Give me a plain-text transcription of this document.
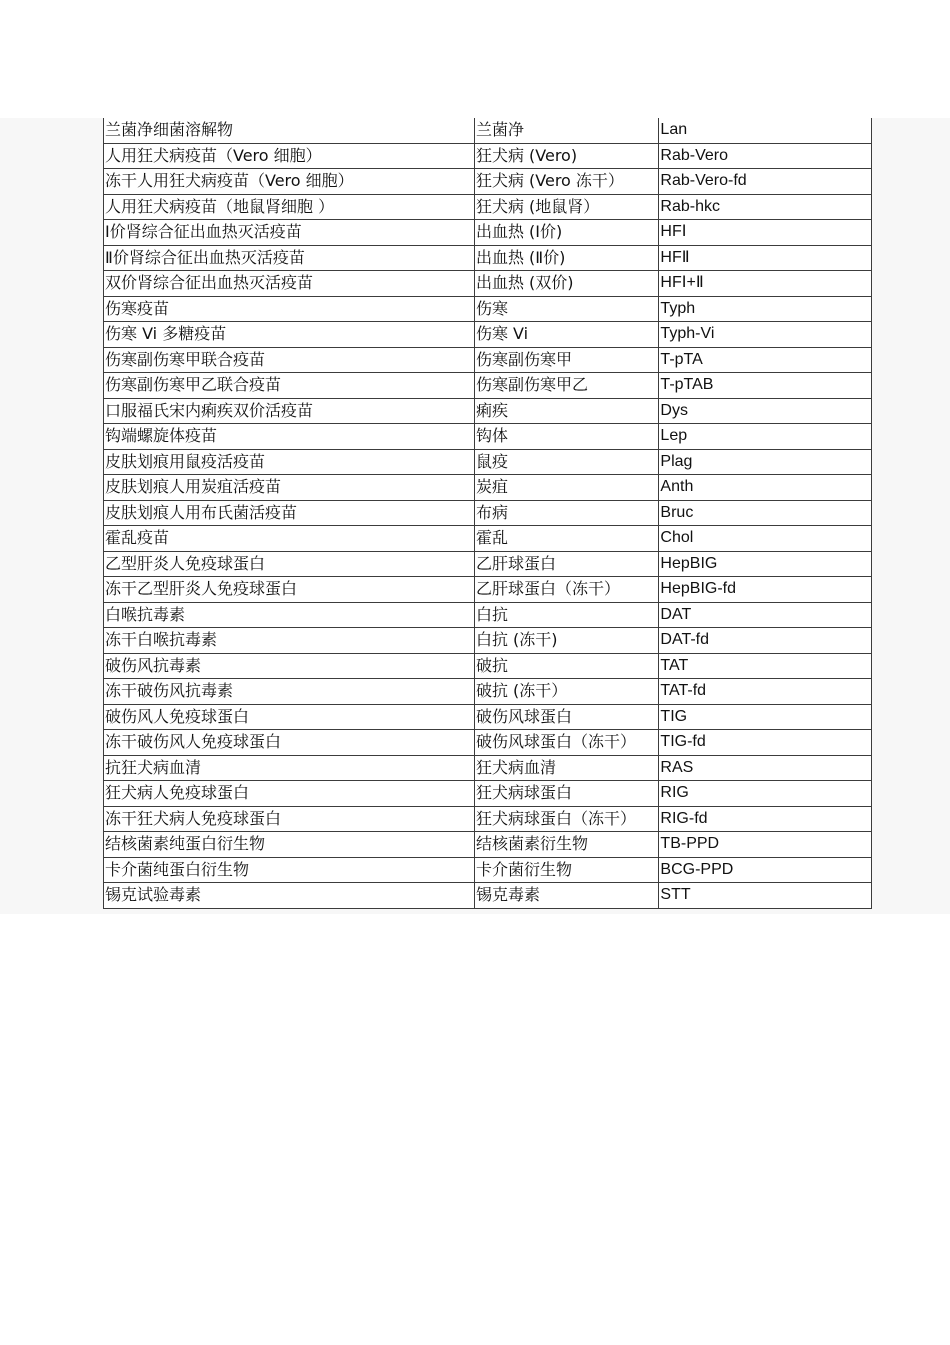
兰菌净细菌溶解物	兰菌净	Lan
人用狂犬病疫苗（Vero 细胞）	狂犬病 (Vero)	Rab-Vero
冻干人用狂犬病疫苗（Vero 细胞）	狂犬病 (Vero 冻干）	Rab-Vero-fd
人用狂犬病疫苗（地鼠肾细胞 ）	狂犬病 (地鼠肾）	Rab-hkc
Ⅰ价肾综合征出血热灭活疫苗	出血热 (Ⅰ价)	HFⅠ
Ⅱ价肾综合征出血热灭活疫苗	出血热 (Ⅱ价)	HFⅡ
双价肾综合征出血热灭活疫苗	出血热 (双价)	HFⅠ+Ⅱ
伤寒疫苗	伤寒	Typh
伤寒 Vi 多糖疫苗	伤寒 Vi	Typh-Vi
伤寒副伤寒甲联合疫苗	伤寒副伤寒甲	T-pTA
伤寒副伤寒甲乙联合疫苗	伤寒副伤寒甲乙	T-pTAB
口服福氏宋内痢疾双价活疫苗	痢疾	Dys
钩端螺旋体疫苗	钩体	Lep
皮肤划痕用鼠疫活疫苗	鼠疫	Plag
皮肤划痕人用炭疽活疫苗	炭疽	Anth
皮肤划痕人用布氏菌活疫苗	布病	Bruc
霍乱疫苗	霍乱	Chol
乙型肝炎人免疫球蛋白	乙肝球蛋白	HepBIG
冻干乙型肝炎人免疫球蛋白	乙肝球蛋白（冻干）	HepBIG-fd
白喉抗毒素	白抗	DAT
冻干白喉抗毒素	白抗 (冻干)	DAT-fd
破伤风抗毒素	破抗	TAT
冻干破伤风抗毒素	破抗 (冻干）	TAT-fd
破伤风人免疫球蛋白	破伤风球蛋白	TIG
冻干破伤风人免疫球蛋白	破伤风球蛋白（冻干）	TIG-fd
抗狂犬病血清	狂犬病血清	RAS
狂犬病人免疫球蛋白	狂犬病球蛋白	RIG
冻干狂犬病人免疫球蛋白	狂犬病球蛋白（冻干）	RIG-fd
结核菌素纯蛋白衍生物	结核菌素衍生物	TB-PPD
卡介菌纯蛋白衍生物	卡介菌衍生物	BCG-PPD
锡克试验毒素	锡克毒素	STT
